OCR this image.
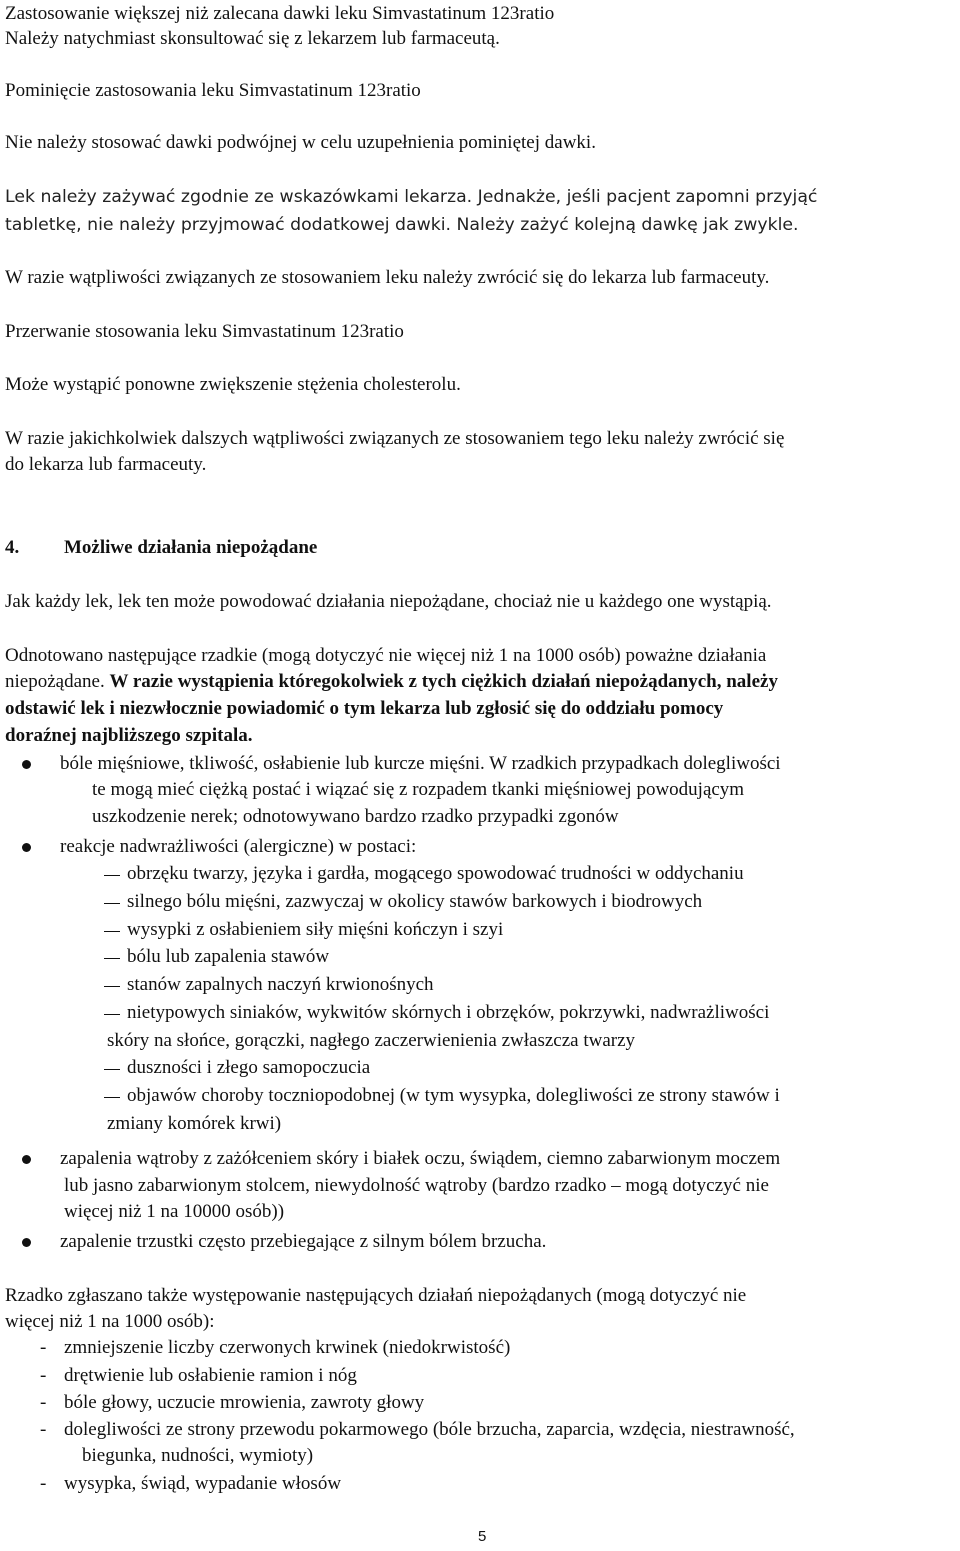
Zastosowanie większej niż zalecana dawki leku Simvastatinum 123ratio
Należy natychmiast skonsultować się z lekarzem lub farmaceutą.
Pominięcie zastosowania leku Simvastatinum 123ratio
Nie należy stosować dawki podwójnej w celu uzupełnienia pominiętej dawki.
Lek należy zażywać zgodnie ze wskazówkami lekarza. Jednakże, jeśli pacjent zapomni przyjąć
tabletkę, nie należy przyjmować dodatkowej dawki. Należy zażyć kolejną dawkę jak zwykle.
W razie wątpliwości związanych ze stosowaniem leku należy zwrócić się do lekarza lub farmaceuty.
Przerwanie stosowania leku Simvastatinum 123ratio
Może wystąpić ponowne zwiększenie stężenia cholesterolu.
W razie jakichkolwiek dalszych wątpliwości związanych ze stosowaniem tego leku należy zwrócić się
do lekarza lub farmaceuty.
4. Możliwe działania niepożądane
Jak każdy lek, lek ten może powodować działania niepożądane, chociaż nie u każdego one wystąpią.
Odnotowano następujące rzadkie (mogą dotyczyć nie więcej niż 1 na 1000 osób) poważne działania
niepożądane. W razie wystąpienia któregokolwiek z tych ciężkich działań niepożądanych, należy
odstawić lek i niezwłocznie powiadomić o tym lekarza lub zgłosić się do oddziału pomocy
doraźnej najbliższego szpitala.
bóle mięśniowe, tkliwość, osłabienie lub kurcze mięśni. W rzadkich przypadkach dolegliwości
te mogą mieć ciężką postać i wiązać się z rozpadem tkanki mięśniowej powodującym
uszkodzenie nerek; odnotowywano bardzo rzadko przypadki zgonów
reakcje nadwrażliwości (alergiczne) w postaci:
obrzęku twarzy, języka i gardła, mogącego spowodować trudności w oddychaniu
silnego bólu mięśni, zazwyczaj w okolicy stawów barkowych i biodrowych
wysypki z osłabieniem siły mięśni kończyn i szyi
bólu lub zapalenia stawów
stanów zapalnych naczyń krwionośnych
nietypowych siniaków, wykwitów skórnych i obrzęków, pokrzywki, nadwrażliwości
skóry na słońce, gorączki, nagłego zaczerwienienia zwłaszcza twarzy
duszności i złego samopoczucia
objawów choroby toczniopodobnej (w tym wysypka, dolegliwości ze strony stawów i
zmiany komórek krwi)
zapalenia wątroby z zażółceniem skóry i białek oczu, świądem, ciemno zabarwionym moczem
lub jasno zabarwionym stolcem, niewydolność wątroby (bardzo rzadko – mogą dotyczyć nie
więcej niż 1 na 10000 osób))
zapalenie trzustki często przebiegające z silnym bólem brzucha.
Rzadko zgłaszano także występowanie następujących działań niepożądanych (mogą dotyczyć nie
więcej niż 1 na 1000 osób):
- zmniejszenie liczby czerwonych krwinek (niedokrwistość)
- drętwienie lub osłabienie ramion i nóg
- bóle głowy, uczucie mrowienia, zawroty głowy
- dolegliwości ze strony przewodu pokarmowego (bóle brzucha, zaparcia, wzdęcia, niestrawność,
biegunka, nudności, wymioty)
- wysypka, świąd, wypadanie włosów
5
